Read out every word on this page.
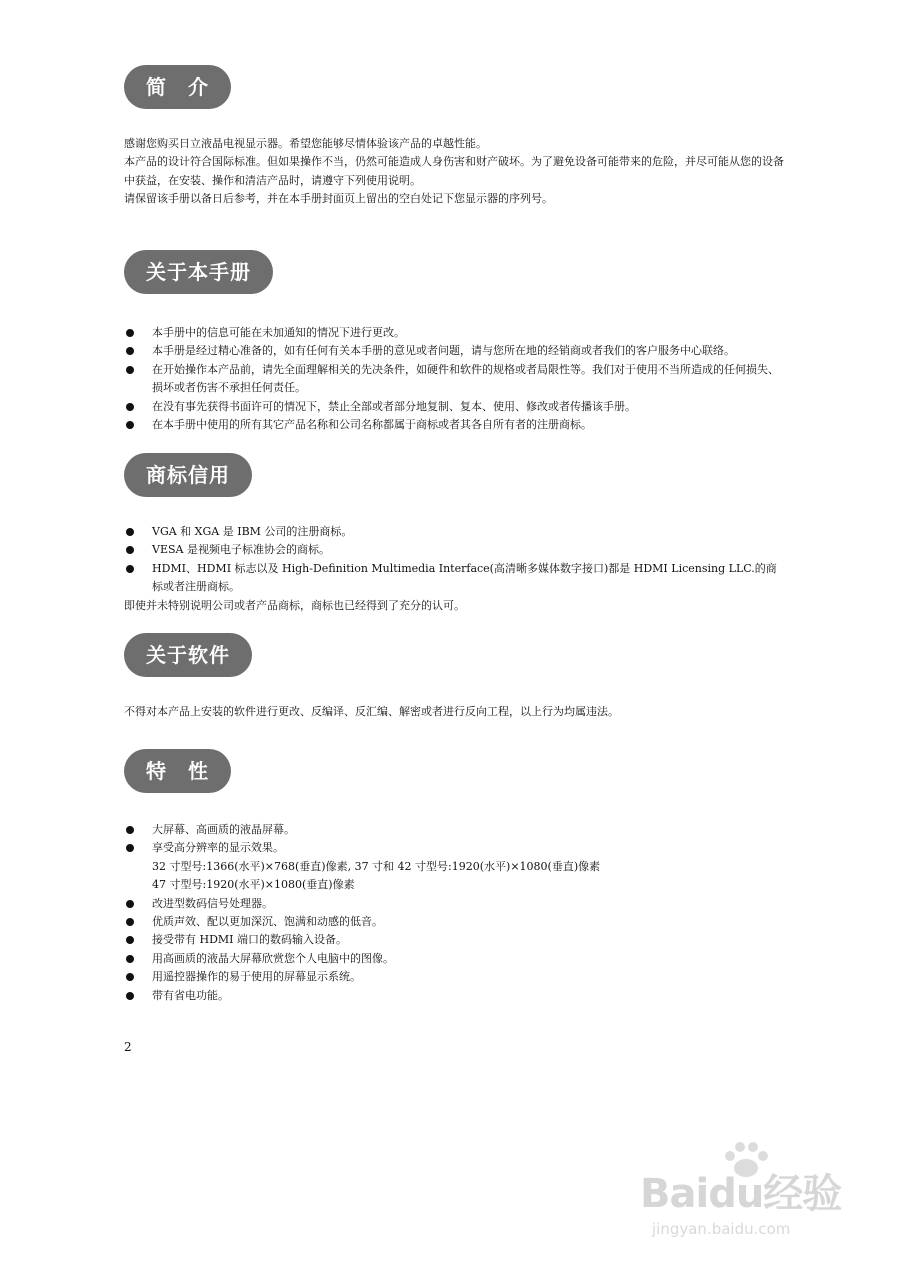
简　介

感谢您购买日立液晶电视显示器。希望您能够尽情体验该产品的卓越性能。

本产品的设计符合国际标准。但如果操作不当，仍然可能造成人身伤害和财产破坏。为了避免设备可能带来的危险，并尽可能从您的设备中获益，在安装、操作和清洁产品时，请遵守下列使用说明。

请保留该手册以备日后参考，并在本手册封面页上留出的空白处记下您显示器的序列号。

关于本手册
本手册中的信息可能在未加通知的情况下进行更改。
本手册是经过精心准备的，如有任何有关本手册的意见或者问题，请与您所在地的经销商或者我们的客户服务中心联络。
在开始操作本产品前，请先全面理解相关的先决条件，如硬件和软件的规格或者局限性等。我们对于使用不当所造成的任何损失、损坏或者伤害不承担任何责任。
在没有事先获得书面许可的情况下，禁止全部或者部分地复制、复本、使用、修改或者传播该手册。
在本手册中使用的所有其它产品名称和公司名称都属于商标或者其各自所有者的注册商标。
商标信用
VGA 和 XGA 是 IBM 公司的注册商标。
VESA 是视频电子标准协会的商标。
HDMI、HDMI 标志以及 High-Definition Multimedia Interface(高清晰多媒体数字接口)都是 HDMI Licensing LLC.的商标或者注册商标。

即使并未特别说明公司或者产品商标，商标也已经得到了充分的认可。

关于软件

不得对本产品上安装的软件进行更改、反编译、反汇编、解密或者进行反向工程，以上行为均属违法。

特　性
大屏幕、高画质的液晶屏幕。
享受高分辨率的显示效果。
32 寸型号:1366(水平)×768(垂直)像素, 37 寸和 42 寸型号:1920(水平)×1080(垂直)像素
47 寸型号:1920(水平)×1080(垂直)像素
改进型数码信号处理器。
优质声效、配以更加深沉、饱满和动感的低音。
接受带有 HDMI 端口的数码输入设备。
用高画质的液晶大屏幕欣赏您个人电脑中的图像。
用遥控器操作的易于使用的屏幕显示系统。
带有省电功能。
2
Baidu经验
jingyan.baidu.com
